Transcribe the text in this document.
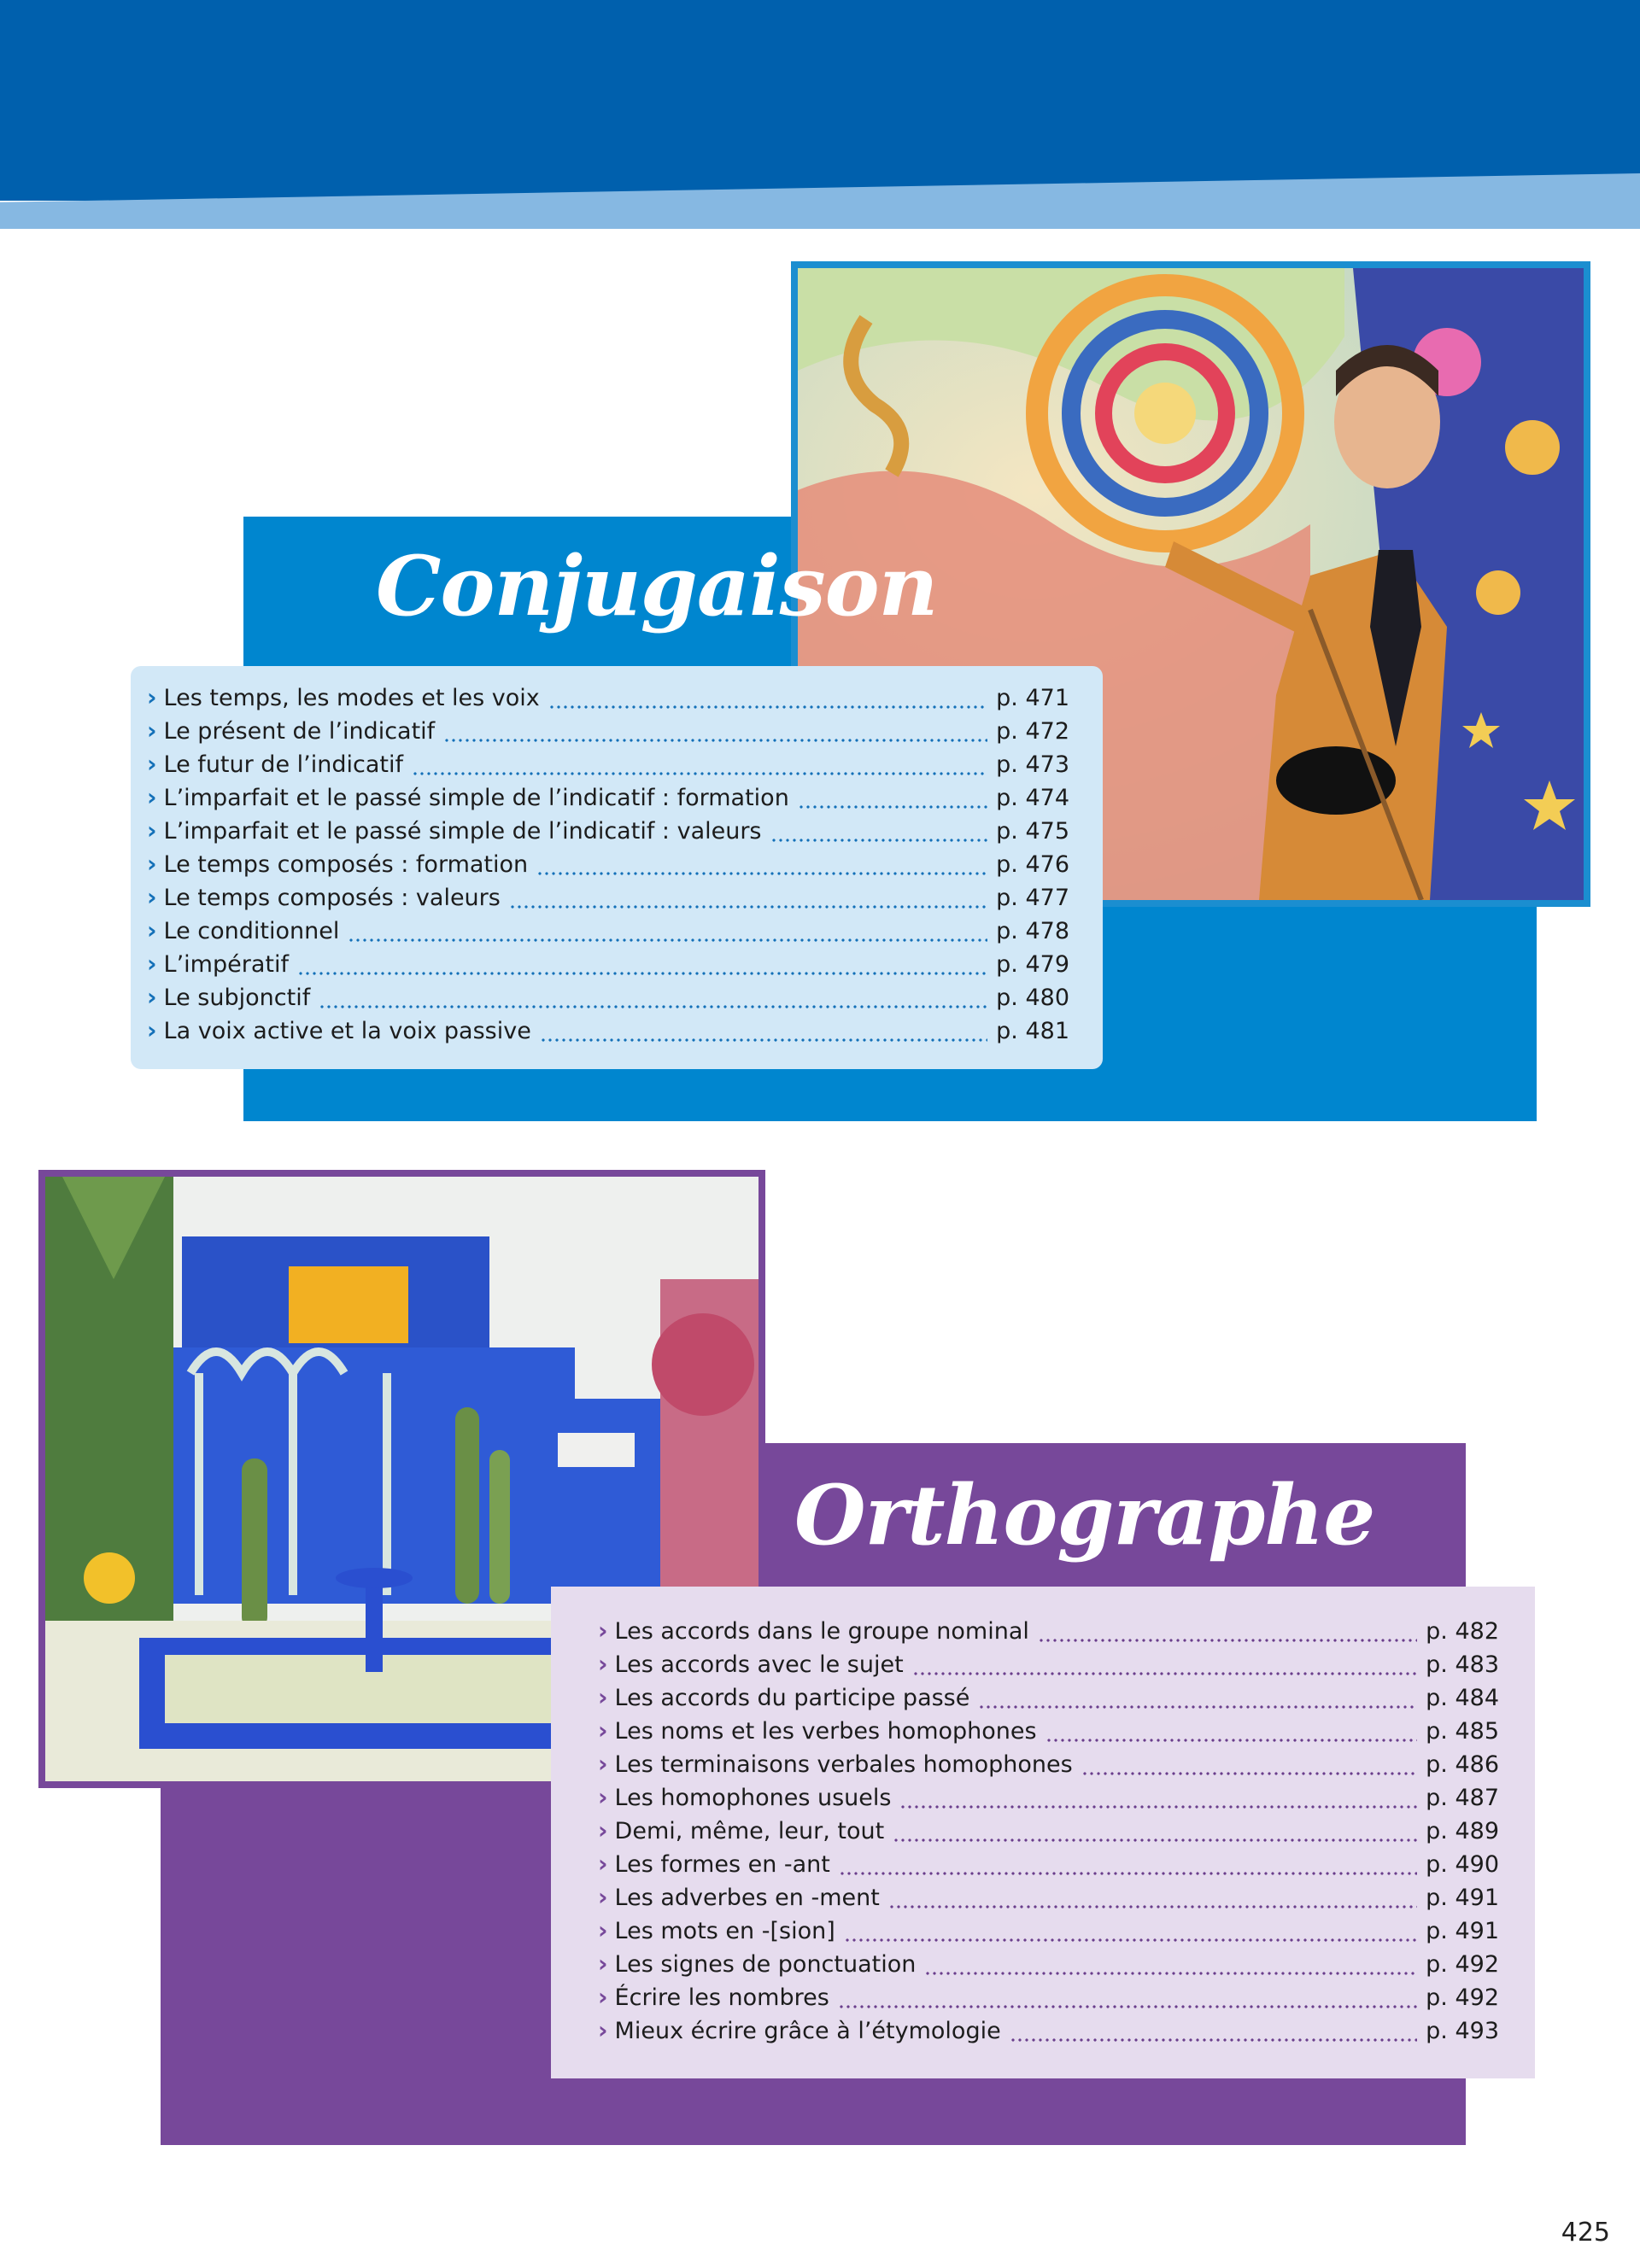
Conjugaison
› Les temps, les modes et les voix	p. 471
› Le présent de l’indicatif	p. 472
› Le futur de l’indicatif	p. 473
› L’imparfait et le passé simple de l’indicatif : formation	p. 474
› L’imparfait et le passé simple de l’indicatif : valeurs	p. 475
› Le temps composés : formation	p. 476
› Le temps composés : valeurs	p. 477
› Le conditionnel	p. 478
› L’impératif	p. 479
› Le subjonctif	p. 480
› La voix active et la voix passive	p. 481
Orthographe
› Les accords dans le groupe nominal	p. 482
› Les accords avec le sujet	p. 483
› Les accords du participe passé	p. 484
› Les noms et les verbes homophones	p. 485
› Les terminaisons verbales homophones	p. 486
› Les homophones usuels	p. 487
› Demi, même, leur, tout	p. 489
› Les formes en -ant	p. 490
› Les adverbes en -ment	p. 491
› Les mots en -[sion]	p. 491
› Les signes de ponctuation	p. 492
› Écrire les nombres	p. 492
› Mieux écrire grâce à l’étymologie	p. 493
425
